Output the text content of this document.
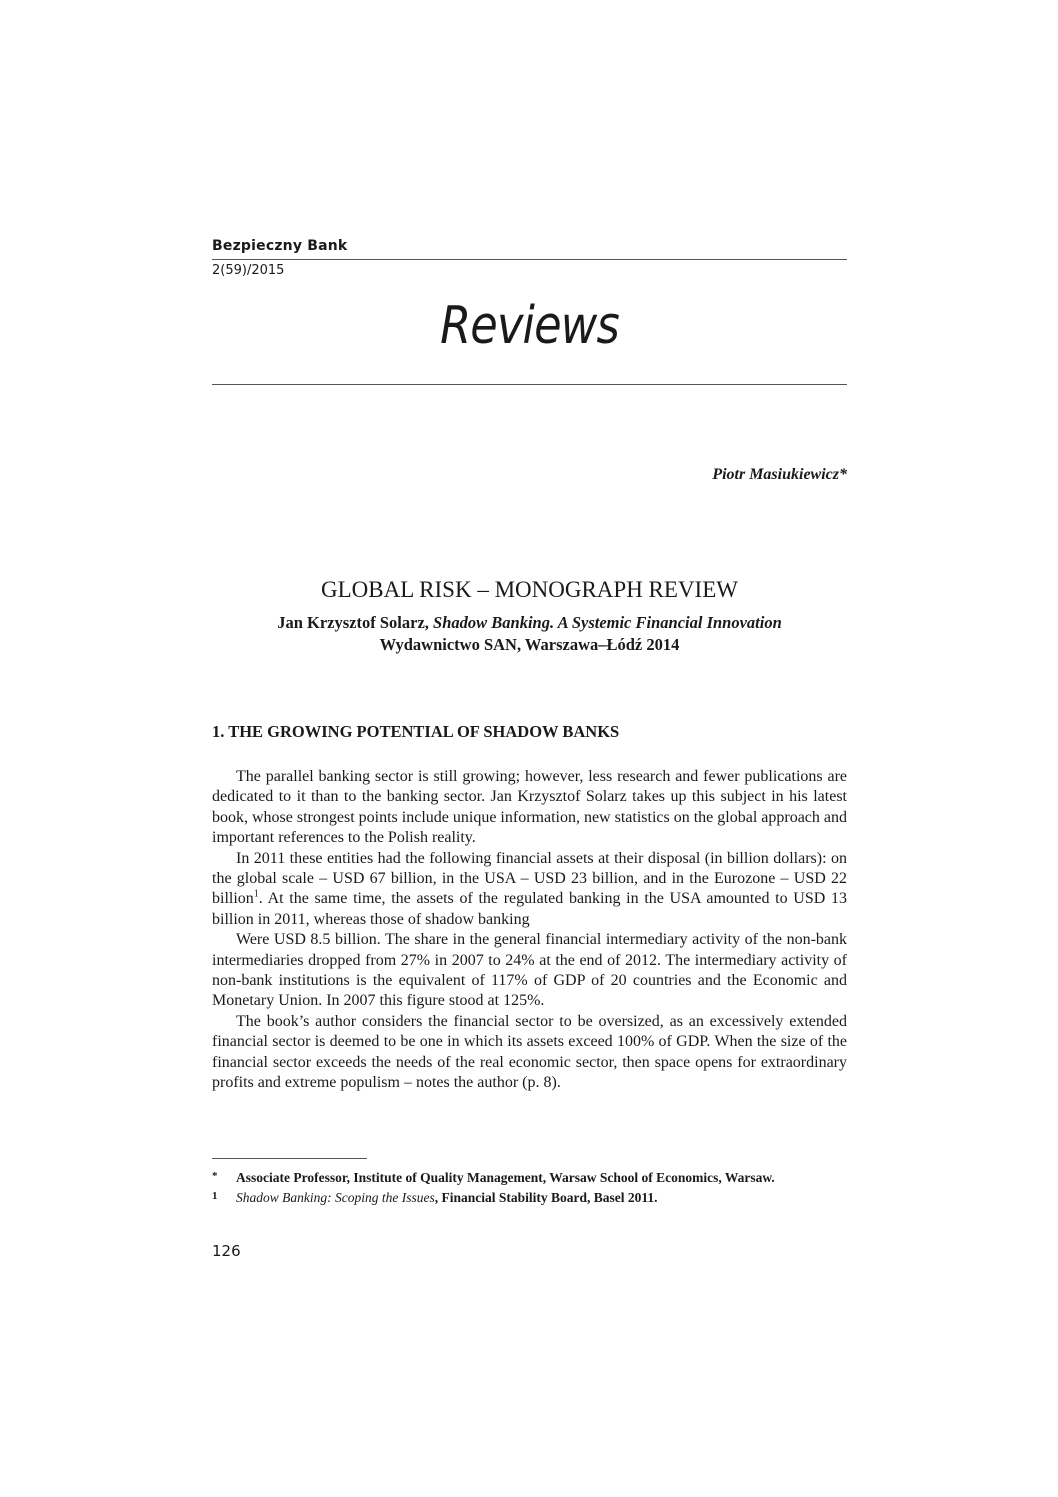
Bezpieczny Bank
2(59)/2015
Reviews
Piotr Masiukiewicz*
GLOBAL RISK – MONOGRAPH REVIEW
Jan Krzysztof Solarz, Shadow Banking. A Systemic Financial Innovation
Wydawnictwo SAN, Warszawa–Łódź 2014
1. THE GROWING POTENTIAL OF SHADOW BANKS

The parallel banking sector is still growing; however, less research and fewer publications are dedicated to it than to the banking sector. Jan Krzysztof Solarz takes up this subject in his latest book, whose strongest points include unique information, new statistics on the global approach and important references to the Polish reality.

In 2011 these entities had the following financial assets at their disposal (in billion dollars): on the global scale – USD 67 billion, in the USA – USD 23 billion, and in the Eurozone – USD 22 billion$^1$. At the same time, the assets of the regulated banking in the USA amounted to USD 13 billion in 2011, whereas those of shadow banking

Were USD 8.5 billion. The share in the general financial intermediary activity of the non-bank intermediaries dropped from 27% in 2007 to 24% at the end of 2012. The intermediary activity of non-bank institutions is the equivalent of 117% of GDP of 20 countries and the Economic and Monetary Union. In 2007 this figure stood at 125%.

The book’s author considers the financial sector to be oversized, as an excessively extended financial sector is deemed to be one in which its assets exceed 100% of GDP. When the size of the financial sector exceeds the needs of the real economic sector, then space opens for extraordinary profits and extreme populism – notes the author (p. 8).

* Associate Professor, Institute of Quality Management, Warsaw School of Economics, Warsaw.
1 Shadow Banking: Scoping the Issues, Financial Stability Board, Basel 2011.
126
